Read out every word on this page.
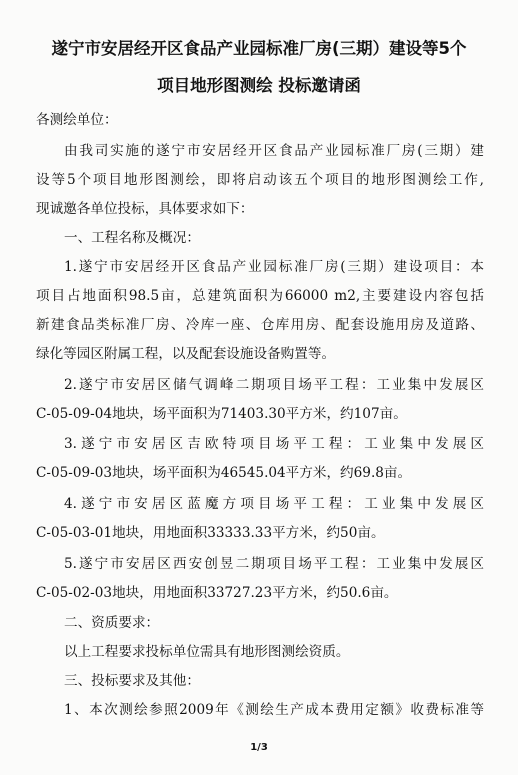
遂宁市安居经开区食品产业园标准厂房(三期）建设等5个
项目地形图测绘 投标邀请函
各测绘单位：
由我司实施的遂宁市安居经开区食品产业园标准厂房(三期）建
设等5个项目地形图测绘，即将启动该五个项目的地形图测绘工作,
现诚邀各单位投标，具体要求如下：
一、工程名称及概况：
1.遂宁市安居经开区食品产业园标准厂房(三期）建设项目：本
项目占地面积98.5亩，总建筑面积为66000 m2,主要建设内容包括
新建食品类标准厂房、冷库一座、仓库用房、配套设施用房及道路、
绿化等园区附属工程，以及配套设施设备购置等。
2.遂宁市安居区储气调峰二期项目场平工程：工业集中发展区
C-05-09-04地块，场平面积为71403.30平方米，约107亩。
3.遂宁市安居区吉欧特项目场平工程：工业集中发展区
C-05-09-03地块，场平面积为46545.04平方米，约69.8亩。
4.遂宁市安居区蓝魔方项目场平工程：工业集中发展区
C-05-03-01地块，用地面积33333.33平方米，约50亩。
5.遂宁市安居区西安创昱二期项目场平工程：工业集中发展区
C-05-02-03地块，用地面积33727.23平方米，约50.6亩。
二、资质要求：
以上工程要求投标单位需具有地形图测绘资质。
三、投标要求及其他：
1、本次测绘参照2009年《测绘生产成本费用定额》收费标准等
1/3
